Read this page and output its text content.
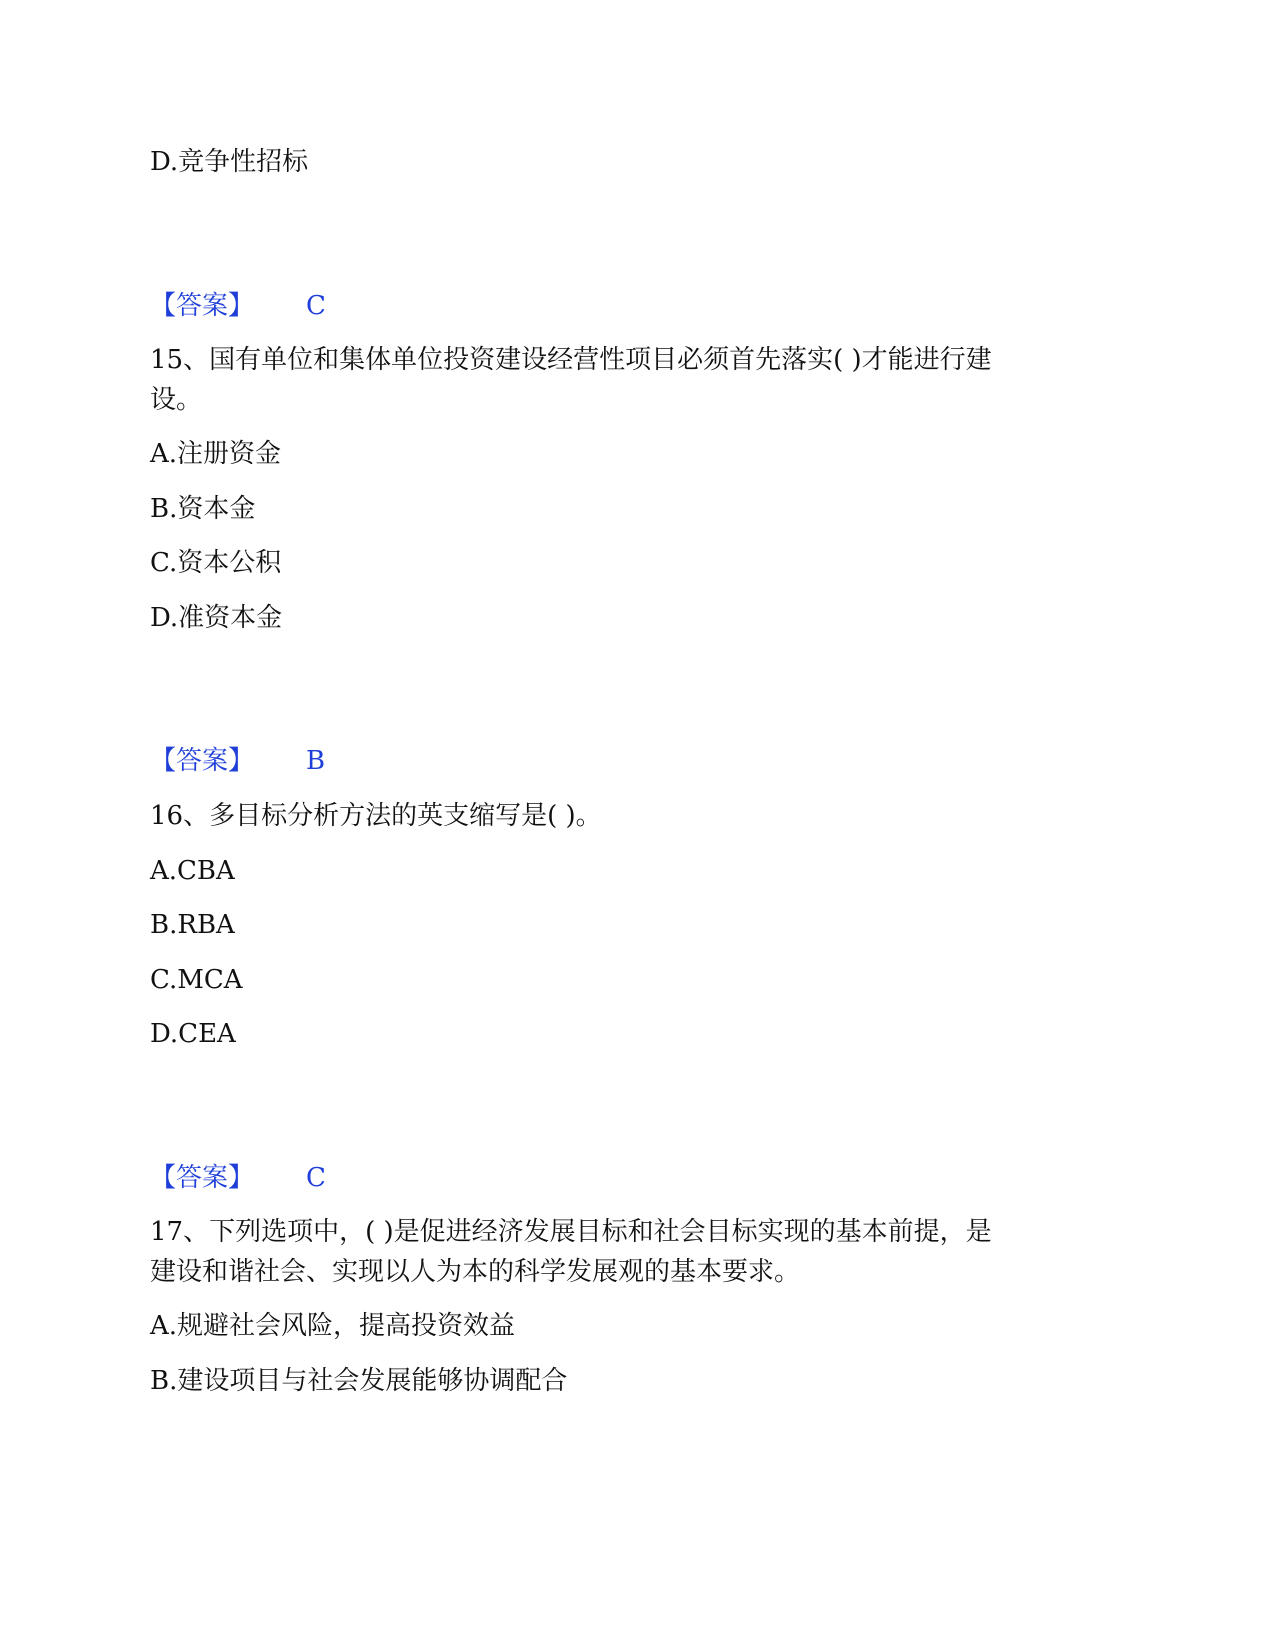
D.竞争性招标
【答案】 C
15、国有单位和集体单位投资建设经营性项目必须首先落实( )才能进行建
设。
A.注册资金
B.资本金
C.资本公积
D.准资本金
【答案】 B
16、多目标分析方法的英支缩写是( )。
A.CBA
B.RBA
C.MCA
D.CEA
【答案】 C
17、下列选项中，( )是促进经济发展目标和社会目标实现的基本前提，是
建设和谐社会、实现以人为本的科学发展观的基本要求。
A.规避社会风险，提高投资效益
B.建设项目与社会发展能够协调配合
